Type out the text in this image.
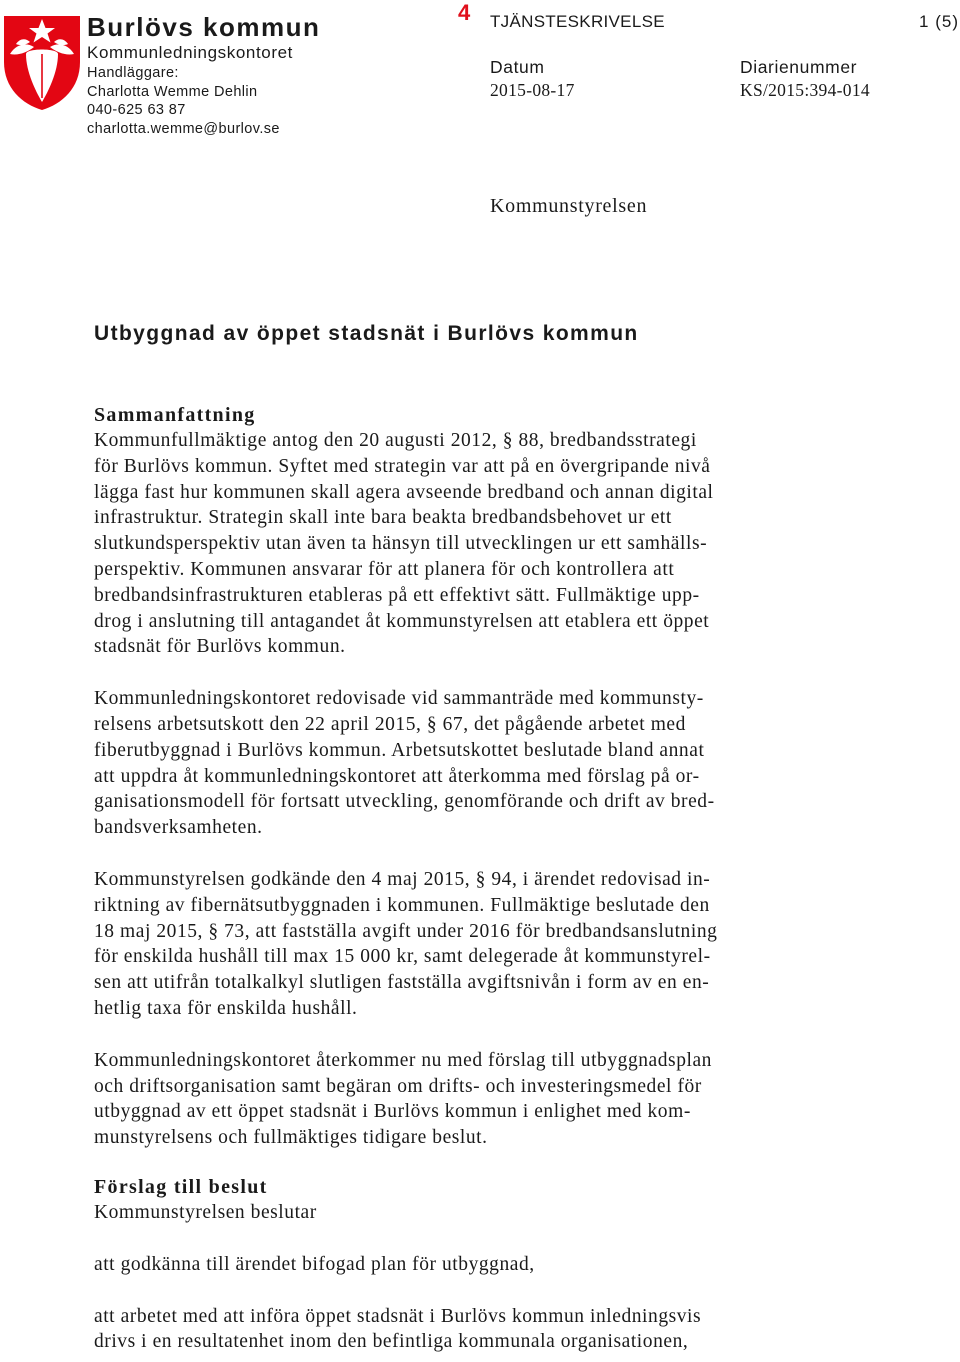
Burlövs kommun
Kommunledningskontoret
Handläggare:
Charlotta Wemme Dehlin
040-625 63 87
charlotta.wemme@burlov.se
4 TJÄNSTESKRIVELSE	1 (5)
Datum
2015-08-17
Diarienummer
KS/2015:394-014
Kommunstyrelsen
Utbyggnad av öppet stadsnät i Burlövs kommun
Sammanfattning

Kommunfullmäktige antog den 20 augusti 2012, § 88, bredbandsstrategi
för Burlövs kommun. Syftet med strategin var att på en övergripande nivå
lägga fast hur kommunen skall agera avseende bredband och annan digital
infrastruktur. Strategin skall inte bara beakta bredbandsbehovet ur ett
slutkundsperspektiv utan även ta hänsyn till utvecklingen ur ett samhälls-
perspektiv. Kommunen ansvarar för att planera för och kontrollera att
bredbandsinfrastrukturen etableras på ett effektivt sätt. Fullmäktige upp-
drog i anslutning till antagandet åt kommunstyrelsen att etablera ett öppet
stadsnät för Burlövs kommun.

Kommunledningskontoret redovisade vid sammanträde med kommunsty-
relsens arbetsutskott den 22 april 2015, § 67, det pågående arbetet med
fiberutbyggnad i Burlövs kommun. Arbetsutskottet beslutade bland annat
att uppdra åt kommunledningskontoret att återkomma med förslag på or-
ganisationsmodell för fortsatt utveckling, genomförande och drift av bred-
bandsverksamheten.

Kommunstyrelsen godkände den 4 maj 2015, § 94, i ärendet redovisad in-
riktning av fibernätsutbyggnaden i kommunen. Fullmäktige beslutade den
18 maj 2015, § 73, att fastställa avgift under 2016 för bredbandsanslutning
för enskilda hushåll till max 15 000 kr, samt delegerade åt kommunstyrel-
sen att utifrån totalkalkyl slutligen fastställa avgiftsnivån i form av en en-
hetlig taxa för enskilda hushåll.

Kommunledningskontoret återkommer nu med förslag till utbyggnadsplan
och driftsorganisation samt begäran om drifts- och investeringsmedel för
utbyggnad av ett öppet stadsnät i Burlövs kommun i enlighet med kom-
munstyrelsens och fullmäktiges tidigare beslut.

Förslag till beslut

Kommunstyrelsen beslutar

att godkänna till ärendet bifogad plan för utbyggnad,

att arbetet med att införa öppet stadsnät i Burlövs kommun inledningsvis
drivs i en resultatenhet inom den befintliga kommunala organisationen,
